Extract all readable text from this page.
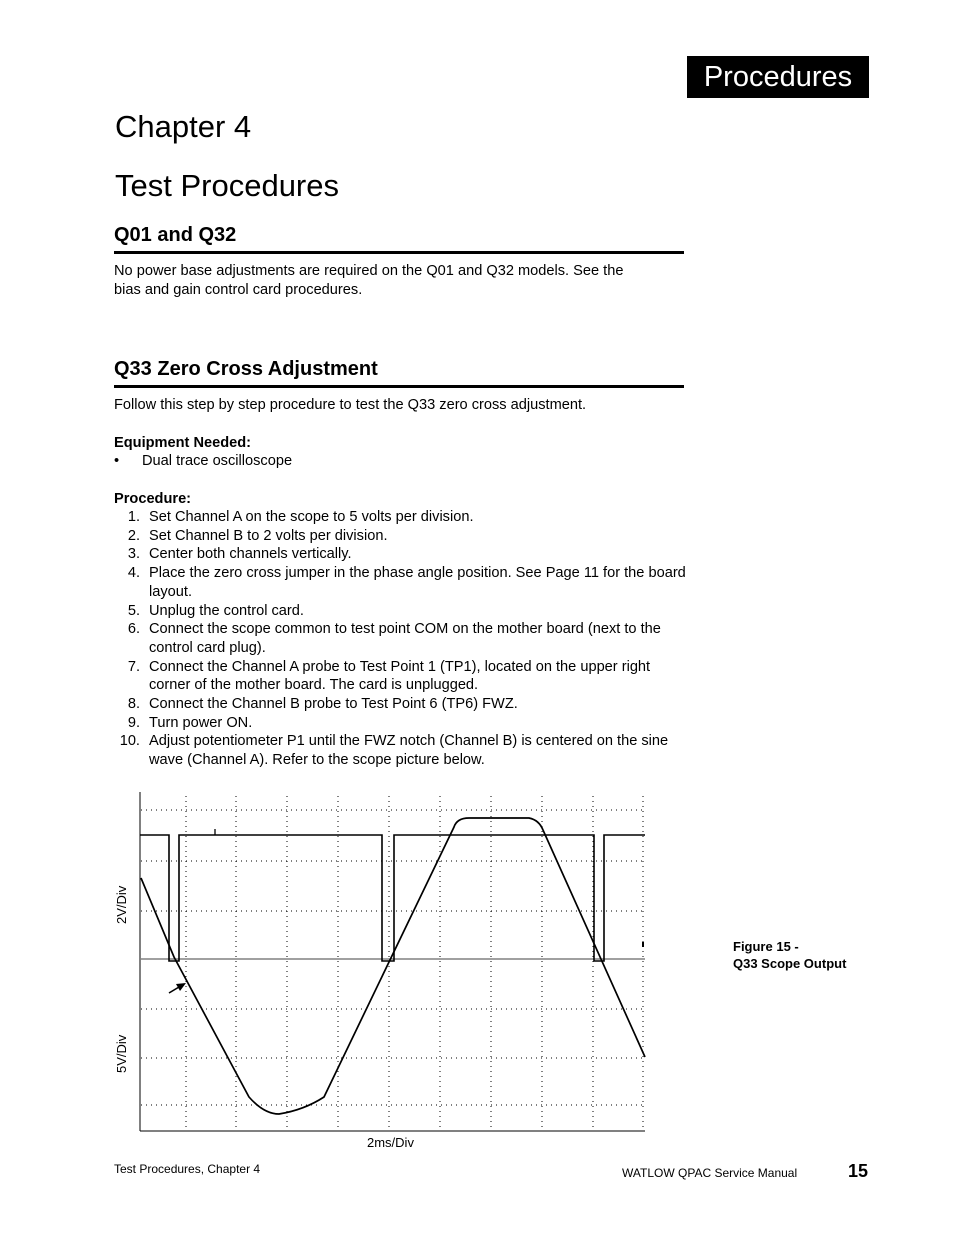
Procedures
Chapter 4
Test Procedures
Q01 and Q32
No power base adjustments are required on the Q01 and Q32 models. See the
bias and gain control card procedures.
Q33 Zero Cross Adjustment
Follow this step by step procedure to test the Q33 zero cross adjustment.
Equipment Needed:
• Dual trace oscilloscope
Procedure:
1. Set Channel A on the scope to 5 volts per division.
2. Set Channel B to 2 volts per division.
3. Center both channels vertically.
4. Place the zero cross jumper in the phase angle position. See Page 11 for the board layout.
5. Unplug the control card.
6. Connect the scope common to test point COM on the mother board (next to the control card plug).
7. Connect the Channel A probe to Test Point 1 (TP1), located on the upper right corner of the mother board. The card is unplugged.
8. Connect the Channel B probe to Test Point 6 (TP6) FWZ.
9. Turn power ON.
10. Adjust potentiometer P1 until the FWZ notch (Channel B) is centered on the sine wave (Channel A). Refer to the scope picture below.
2V/Div
5V/Div
2ms/Div
Figure 15 -
Q33 Scope Output
Test Procedures, Chapter 4	WATLOW QPAC Service Manual	15
